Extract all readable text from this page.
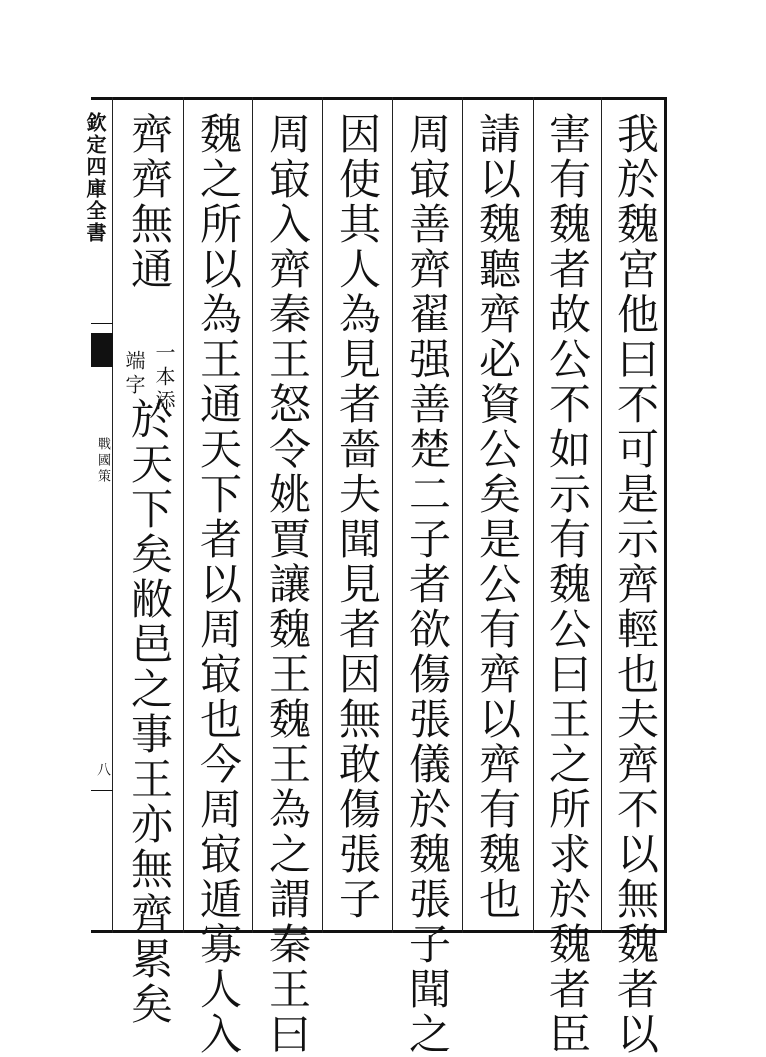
欽定四庫全書
戰國策
八	我於魏宮他曰不可是示齊輕也夫齊不以無魏者以
害有魏者故公不如示有魏公曰王之所求於魏者臣
請以魏聽齊必資公矣是公有齊以齊有魏也
周㝡善齊翟强善楚二子者欲傷張儀於魏張子聞之
因使其人為見者嗇夫聞見者因無敢傷張子
周㝡入齊秦王怒令姚賈讓魏王魏王為之謂秦王曰
魏之所以為王通天下者以周㝡也今周㝡遁寡人入
齊齊無通
一本添
端字
於天下矣敝邑之事王亦無齊累矣
